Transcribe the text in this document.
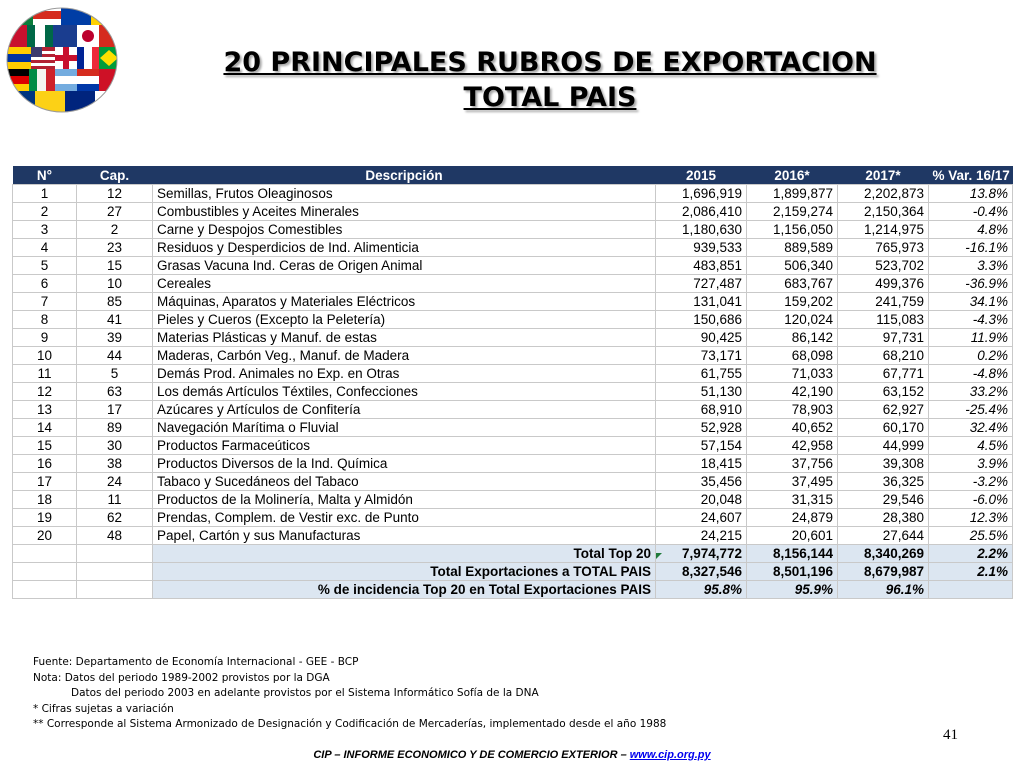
20 PRINCIPALES RUBROS DE EXPORTACION
TOTAL PAIS
N°	Cap.	Descripción	2015	2016*	2017*	% Var. 16/17
1	12	Semillas, Frutos Oleaginosos	1,696,919	1,899,877	2,202,873	13.8%
2	27	Combustibles y Aceites Minerales	2,086,410	2,159,274	2,150,364	-0.4%
3	2	Carne y Despojos Comestibles	1,180,630	1,156,050	1,214,975	4.8%
4	23	Residuos y Desperdicios de Ind. Alimenticia	939,533	889,589	765,973	-16.1%
5	15	Grasas Vacuna Ind. Ceras de Origen Animal	483,851	506,340	523,702	3.3%
6	10	Cereales	727,487	683,767	499,376	-36.9%
7	85	Máquinas, Aparatos y Materiales Eléctricos	131,041	159,202	241,759	34.1%
8	41	Pieles y Cueros (Excepto la Peletería)	150,686	120,024	115,083	-4.3%
9	39	Materias Plásticas y Manuf. de estas	90,425	86,142	97,731	11.9%
10	44	Maderas, Carbón Veg., Manuf. de Madera	73,171	68,098	68,210	0.2%
11	5	Demás Prod. Animales no Exp. en Otras	61,755	71,033	67,771	-4.8%
12	63	Los demás Artículos Téxtiles, Confecciones	51,130	42,190	63,152	33.2%
13	17	Azúcares y Artículos de Confitería	68,910	78,903	62,927	-25.4%
14	89	Navegación Marítima o Fluvial	52,928	40,652	60,170	32.4%
15	30	Productos Farmaceúticos	57,154	42,958	44,999	4.5%
16	38	Productos Diversos de la Ind. Química	18,415	37,756	39,308	3.9%
17	24	Tabaco y Sucedáneos del Tabaco	35,456	37,495	36,325	-3.2%
18	11	Productos de la Molinería, Malta y Almidón	20,048	31,315	29,546	-6.0%
19	62	Prendas, Complem. de Vestir exc. de Punto	24,607	24,879	28,380	12.3%
20	48	Papel, Cartón y sus Manufacturas	24,215	20,601	27,644	25.5%
		Total Top 20	7,974,772	8,156,144	8,340,269	2.2%
		Total Exportaciones a TOTAL PAIS	8,327,546	8,501,196	8,679,987	2.1%
		% de incidencia Top 20 en Total Exportaciones PAIS	95.8%	95.9%	96.1%	
Fuente: Departamento de Economía Internacional - GEE - BCP
Nota: Datos del periodo 1989-2002 provistos por la DGA
Datos del periodo 2003 en adelante provistos por el Sistema Informático Sofía de la DNA
* Cifras sujetas a variación
** Corresponde al Sistema Armonizado de Designación y Codificación de Mercaderías, implementado desde el año 1988
41
CIP – INFORME ECONOMICO Y DE COMERCIO EXTERIOR – www.cip.org.py
